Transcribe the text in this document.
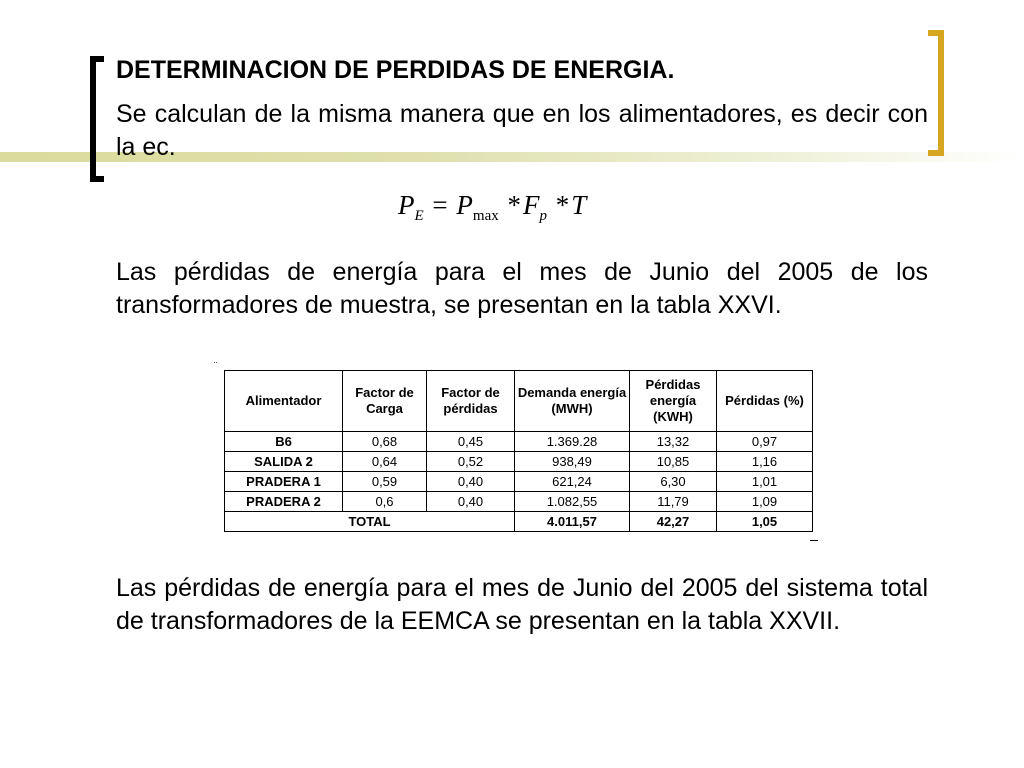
DETERMINACION DE PERDIDAS DE ENERGIA.

Se calculan de la misma manera que en los alimentadores, es decir con la ec.

$P_E = P_{max}$ $*F_p$ *T

Las pérdidas de energía para el mes de Junio del 2005 de los transformadores de muestra, se presentan en la tabla XXVI.

¨
Alimentador	Factor de Carga	Factor de pérdidas	Demanda energía (MWH)	Pérdidas energía (KWH)	Pérdidas (%)
B6	0,68	0,45	1.369.28	13,32	0,97
SALIDA 2	0,64	0,52	938,49	10,85	1,16
PRADERA 1	0,59	0,40	621,24	6,30	1,01
PRADERA 2	0,6	0,40	1.082,55	11,79	1,09
TOTAL			4.011,57	42,27	1,05

Las pérdidas de energía para el mes de Junio del 2005 del sistema total de transformadores de la EEMCA se presentan en la tabla XXVII.
